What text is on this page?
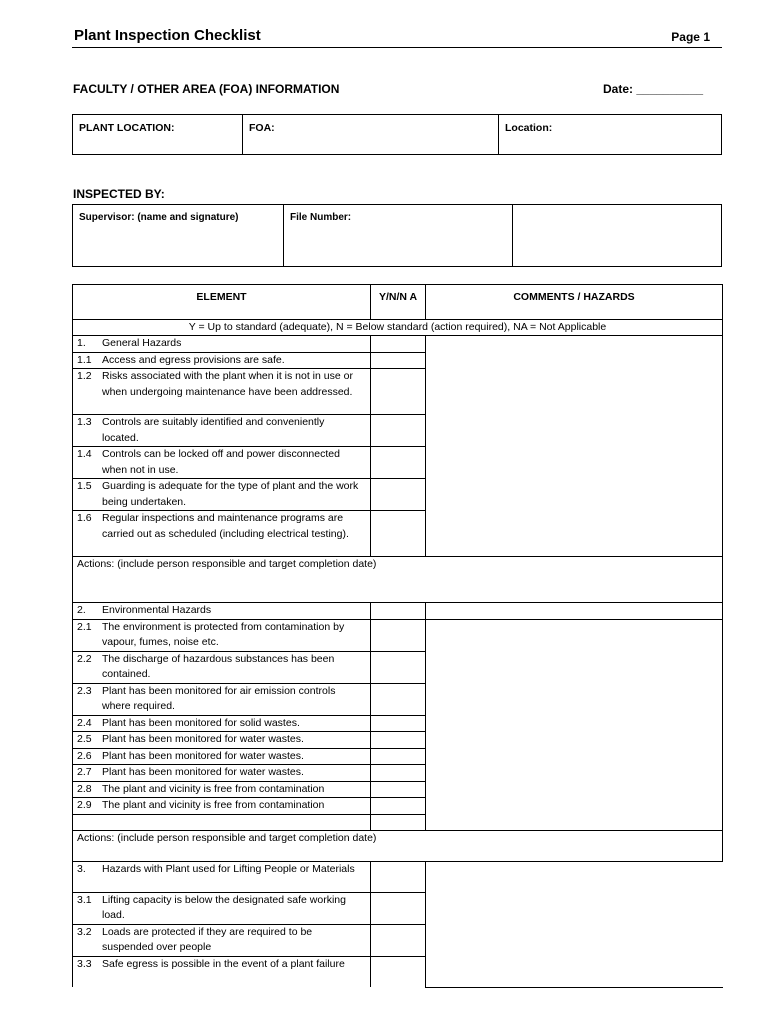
Plant Inspection Checklist	Page 1
FACULTY / OTHER AREA (FOA) INFORMATION	Date: __________
PLANT LOCATION:	FOA:	Location:
INSPECTED BY:
Supervisor: (name and signature)	File Number:
ELEMENT	Y/N/N A	COMMENTS / HAZARDS
Y = Up to standard (adequate), N = Below standard (action required), NA = Not Applicable		
1. General Hazards		
1.1 Access and egress provisions are safe.		
1.2 Risks associated with the plant when it is not in use or when undergoing maintenance have been addressed.		
1.3 Controls are suitably identified and conveniently located.		
1.4 Controls can be locked off and power disconnected when not in use.		
1.5 Guarding is adequate for the type of plant and the work being undertaken.		
1.6 Regular inspections and maintenance programs are carried out as scheduled (including electrical testing).		
Actions: (include person responsible and target completion date)		
2. Environmental Hazards		
2.1 The environment is protected from contamination by vapour, fumes, noise etc.		
2.2 The discharge of hazardous substances has been contained.		
2.3 Plant has been monitored for air emission controls where required.		
2.4 Plant has been monitored for solid wastes.		
2.5 Plant has been monitored for water wastes.		
2.6 Plant has been monitored for water wastes.		
2.7 Plant has been monitored for water wastes.		
2.8 The plant and vicinity is free from contamination		
2.9 The plant and vicinity is free from contamination		

Actions: (include person responsible and target completion date)		
3. Hazards with Plant used for Lifting People or Materials		
3.1 Lifting capacity is below the designated safe working load.		
3.2 Loads are protected if they are required to be suspended over people		
3.3 Safe egress is possible in the event of a plant failure		
